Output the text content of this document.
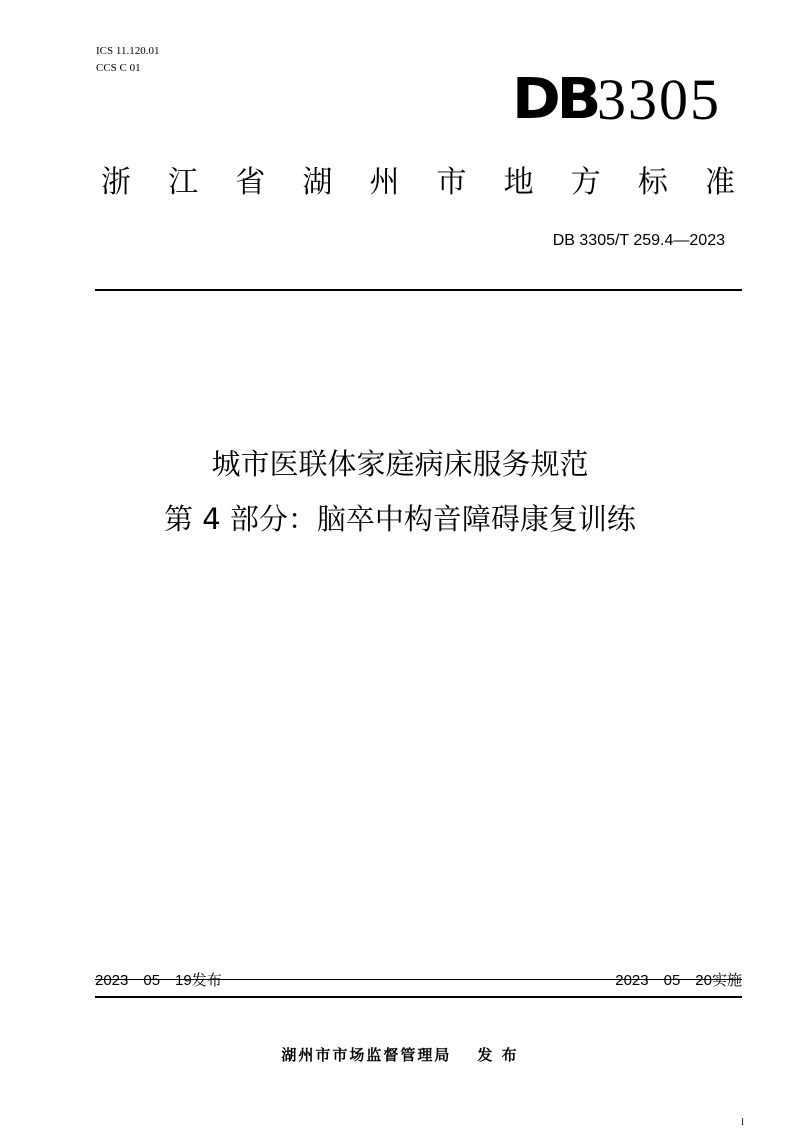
ICS 11.120.01
CCS C 01	DB 3305
浙 江 省 湖 州 市 地 方 标 准
DB 3305/T 259.4—2023
城市医联体家庭病床服务规范
第 4 部分：脑卒中构音障碍康复训练
2023－05－19发布	2023－05－20实施
湖州市市场监督管理局 发 布
I
